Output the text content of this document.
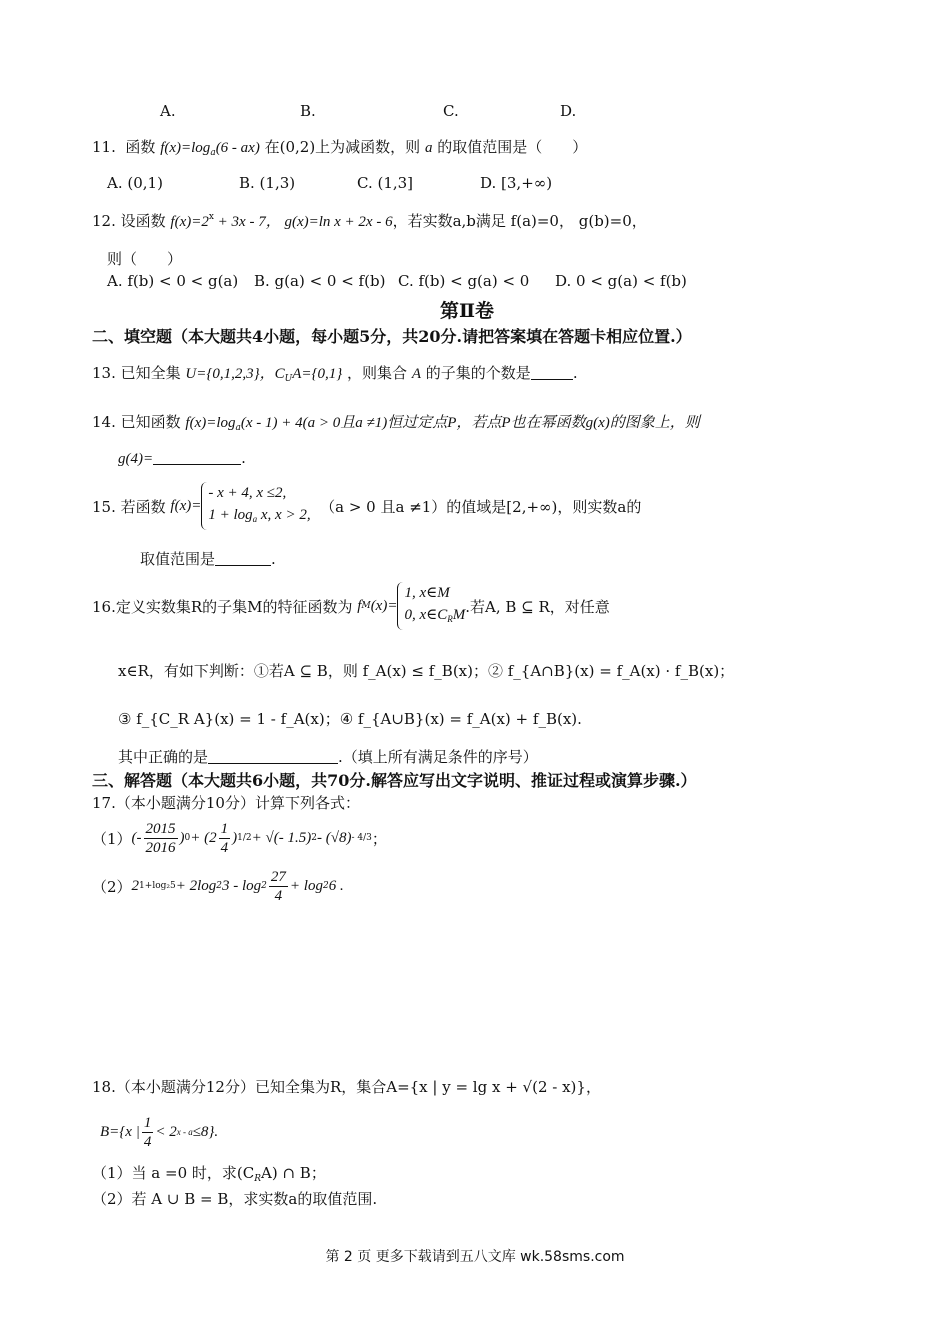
A.	B.	C.	D.
11. 函数 $f(x)=\log_a(6 - ax)$ 在(0,2)上为减函数，则 a 的取值范围是（　　）
A. (0,1)	B. (1,3)	C. (1,3]	D. [3,+∞)
12. 设函数 $f(x)=2^x + 3x - 7$， g(x)=ln x + 2x - 6，若实数a,b满足 f(a)=0， g(b)=0，
则（　　）
A. f(b) < 0 < g(a) B. g(a) < 0 < f(b) C. f(b) < g(a) < 0 D. 0 < g(a) < f(b)
第Ⅱ卷
二、填空题（本大题共4小题，每小题5分，共20分.请把答案填在答题卡相应位置.）
13. 已知全集 U={0,1,2,3}，$C_UA=\{0,1\}$ ，则集合 A 的子集的个数是	.
14. 已知函数 $f(x)=\log_a(x - 1) + 4(a > 0$且a ≠1)恒过定点P，若点P也在幂函数g(x)的图象上，则
g(4)=	.
15. 若函数
f(x)=
- x + 4, x ≤2,
$1 + \log_a x$, x > 2,
（a > 0 且a ≠1）的值域是[2,+∞)，则实数a的
取值范围是	.
16.定义实数集R的子集M的特征函数为
f M (x)=
1, x∈M
0, $x\in C_RM$ .若A, B ⊆ R，对任意
x∈R，有如下判断：①若A ⊆ B，则 f_A(x) ≤ f_B(x)；② f_{A∩B}(x) = f_A(x) · f_B(x)；
③ f_{C_R A}(x) = 1 - f_A(x)；④ f_{A∪B}(x) = f_A(x) + f_B(x).
其中正确的是	.（填上所有满足条件的序号）
三、解答题（本大题共6小题，共70分.解答应写出文字说明、推证过程或演算步骤.）
17.（本小题满分10分）计算下列各式：
（1） (- $\frac{2015}{2016}$ ) $0 + (2 \frac{1}{4}$ ) 1/2 + √(- 1.5) 2 - (√8) - 4/3 ；
（2） 2 1+log₂5 + 2log 2 $3 - \log 2 \frac{27}{4} + \log 2$ 6 .
18.（本小题满分12分）已知全集为R，集合A={x | y = lg x + √(2 - x)}，
B={x | $\frac{1}{4} < 2$ x - a ≤8}.
（1）当 a =0 时，求$(C_RA)$ ∩ B；
（2）若 A ∪ B = B，求实数a的取值范围.
第 2 页 更多下载请到五八文库 wk.58sms.com
